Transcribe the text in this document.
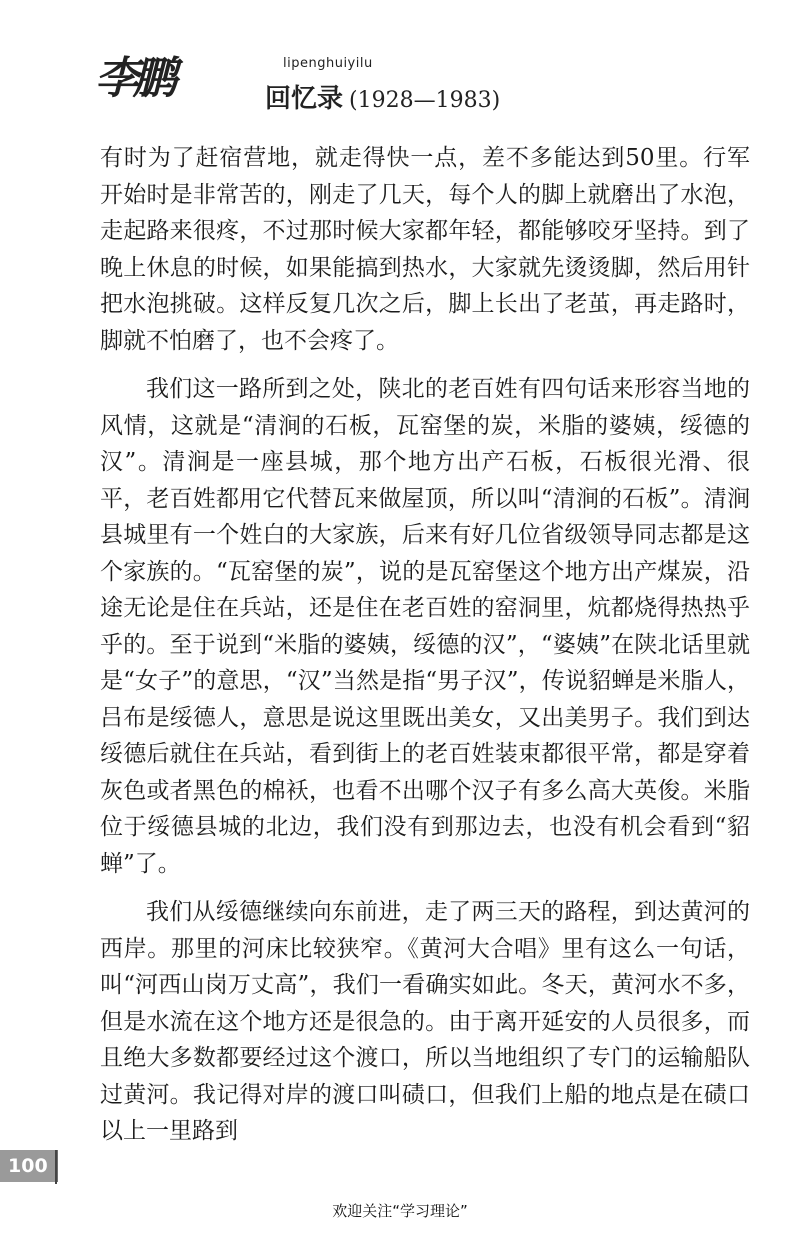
李鹏	lipenghuiyilu
回忆录 (1928—1983)

有时为了赶宿营地，就走得快一点，差不多能达到50里。行军开始时是非常苦的，刚走了几天，每个人的脚上就磨出了水泡，走起路来很疼，不过那时候大家都年轻，都能够咬牙坚持。到了晚上休息的时候，如果能搞到热水，大家就先烫烫脚，然后用针把水泡挑破。这样反复几次之后，脚上长出了老茧，再走路时，脚就不怕磨了，也不会疼了。

我们这一路所到之处，陕北的老百姓有四句话来形容当地的风情，这就是“清涧的石板，瓦窑堡的炭，米脂的婆姨，绥德的汉”。清涧是一座县城，那个地方出产石板，石板很光滑、很平，老百姓都用它代替瓦来做屋顶，所以叫“清涧的石板”。清涧县城里有一个姓白的大家族，后来有好几位省级领导同志都是这个家族的。“瓦窑堡的炭”，说的是瓦窑堡这个地方出产煤炭，沿途无论是住在兵站，还是住在老百姓的窑洞里，炕都烧得热热乎乎的。至于说到“米脂的婆姨，绥德的汉”，“婆姨”在陕北话里就是“女子”的意思，“汉”当然是指“男子汉”，传说貂蝉是米脂人，吕布是绥德人，意思是说这里既出美女，又出美男子。我们到达绥德后就住在兵站，看到街上的老百姓装束都很平常，都是穿着灰色或者黑色的棉袄，也看不出哪个汉子有多么高大英俊。米脂位于绥德县城的北边，我们没有到那边去，也没有机会看到“貂蝉”了。

我们从绥德继续向东前进，走了两三天的路程，到达黄河的西岸。那里的河床比较狭窄。《黄河大合唱》里有这么一句话，叫“河西山岗万丈高”，我们一看确实如此。冬天，黄河水不多，但是水流在这个地方还是很急的。由于离开延安的人员很多，而且绝大多数都要经过这个渡口，所以当地组织了专门的运输船队过黄河。我记得对岸的渡口叫碛口，但我们上船的地点是在碛口以上一里路到

100
欢迎关注“学习理论”
